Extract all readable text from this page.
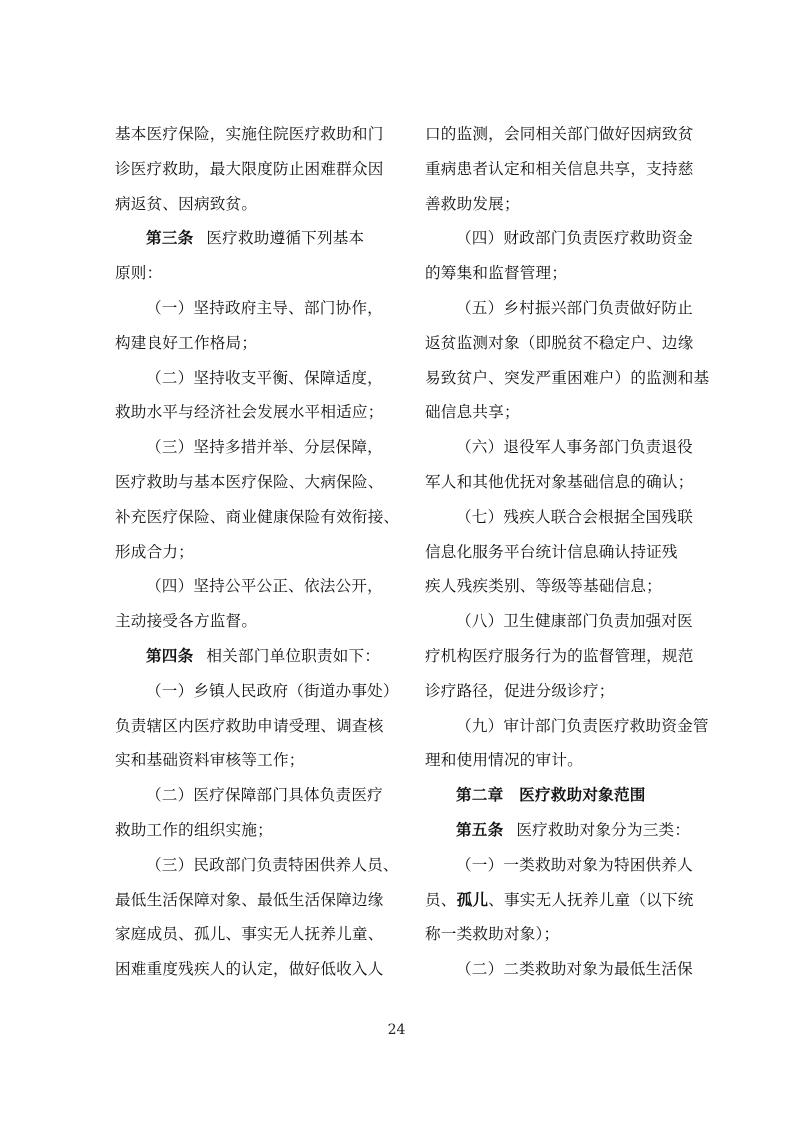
基本医疗保险，实施住院医疗救助和门
诊医疗救助，最大限度防止困难群众因
病返贫、因病致贫。
第三条 医疗救助遵循下列基本
原则：
（一）坚持政府主导、部门协作，
构建良好工作格局；
（二）坚持收支平衡、保障适度，
救助水平与经济社会发展水平相适应；
（三）坚持多措并举、分层保障，
医疗救助与基本医疗保险、大病保险、
补充医疗保险、商业健康保险有效衔接、
形成合力；
（四）坚持公平公正、依法公开，
主动接受各方监督。
第四条 相关部门单位职责如下：
（一）乡镇人民政府（街道办事处）
负责辖区内医疗救助申请受理、调查核
实和基础资料审核等工作；
（二）医疗保障部门具体负责医疗
救助工作的组织实施；
（三）民政部门负责特困供养人员、
最低生活保障对象、最低生活保障边缘
家庭成员、孤儿、事实无人抚养儿童、
困难重度残疾人的认定，做好低收入人
口的监测，会同相关部门做好因病致贫
重病患者认定和相关信息共享，支持慈
善救助发展；
（四）财政部门负责医疗救助资金
的筹集和监督管理；
（五）乡村振兴部门负责做好防止
返贫监测对象（即脱贫不稳定户、边缘
易致贫户、突发严重困难户）的监测和基
础信息共享；
（六）退役军人事务部门负责退役
军人和其他优抚对象基础信息的确认；
（七）残疾人联合会根据全国残联
信息化服务平台统计信息确认持证残
疾人残疾类别、等级等基础信息；
（八）卫生健康部门负责加强对医
疗机构医疗服务行为的监督管理，规范
诊疗路径，促进分级诊疗；
（九）审计部门负责医疗救助资金管
理和使用情况的审计。
第二章　医疗救助对象范围
第五条 医疗救助对象分为三类：
（一）一类救助对象为特困供养人
员、孤儿、事实无人抚养儿童（以下统
称一类救助对象）；
（二）二类救助对象为最低生活保
24
